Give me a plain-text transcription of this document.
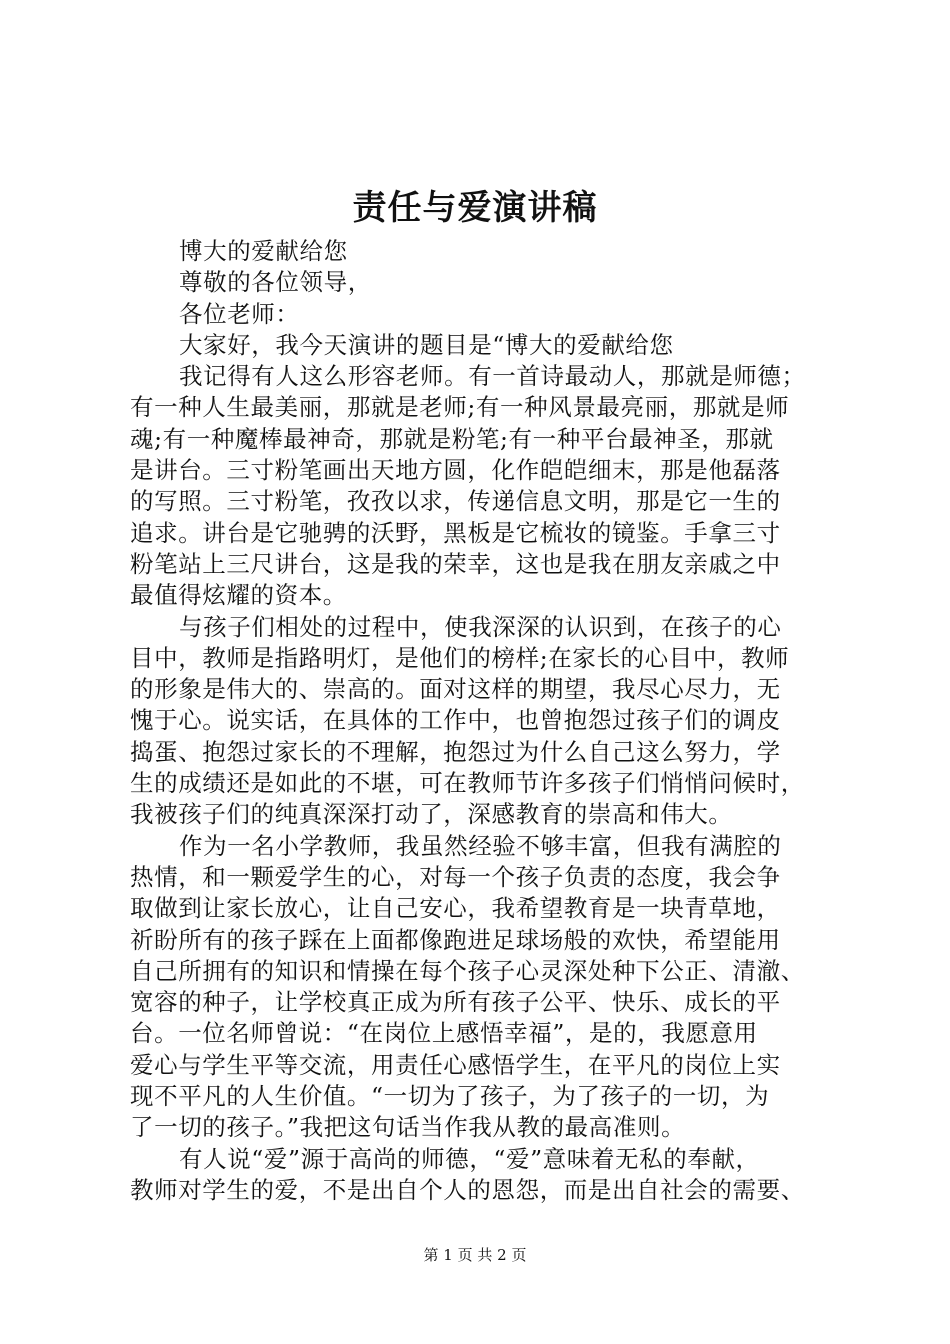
责任与爱演讲稿
博大的爱献给您
尊敬的各位领导，
各位老师：
大家好，我今天演讲的题目是“博大的爱献给您
我记得有人这么形容老师。有一首诗最动人，那就是师德；
有一种人生最美丽，那就是老师;有一种风景最亮丽，那就是师
魂;有一种魔棒最神奇，那就是粉笔;有一种平台最神圣，那就
是讲台。三寸粉笔画出天地方圆，化作皑皑细末，那是他磊落
的写照。三寸粉笔，孜孜以求，传递信息文明，那是它一生的
追求。讲台是它驰骋的沃野，黑板是它梳妆的镜鉴。手拿三寸
粉笔站上三尺讲台，这是我的荣幸，这也是我在朋友亲戚之中
最值得炫耀的资本。
与孩子们相处的过程中，使我深深的认识到，在孩子的心
目中，教师是指路明灯，是他们的榜样;在家长的心目中，教师
的形象是伟大的、崇高的。面对这样的期望，我尽心尽力，无
愧于心。说实话，在具体的工作中，也曾抱怨过孩子们的调皮
捣蛋、抱怨过家长的不理解，抱怨过为什么自己这么努力，学
生的成绩还是如此的不堪，可在教师节许多孩子们悄悄问候时，
我被孩子们的纯真深深打动了，深感教育的崇高和伟大。
作为一名小学教师，我虽然经验不够丰富，但我有满腔的
热情，和一颗爱学生的心，对每一个孩子负责的态度，我会争
取做到让家长放心，让自己安心，我希望教育是一块青草地，
祈盼所有的孩子踩在上面都像跑进足球场般的欢快，希望能用
自己所拥有的知识和情操在每个孩子心灵深处种下公正、清澈、
宽容的种子，让学校真正成为所有孩子公平、快乐、成长的平
台。一位名师曾说：“在岗位上感悟幸福”，是的，我愿意用
爱心与学生平等交流，用责任心感悟学生，在平凡的岗位上实
现不平凡的人生价值。“一切为了孩子，为了孩子的一切，为
了一切的孩子。”我把这句话当作我从教的最高准则。
有人说“爱”源于高尚的师德，“爱”意味着无私的奉献，
教师对学生的爱，不是出自个人的恩怨，而是出自社会的需要、
第 1 页 共 2 页
